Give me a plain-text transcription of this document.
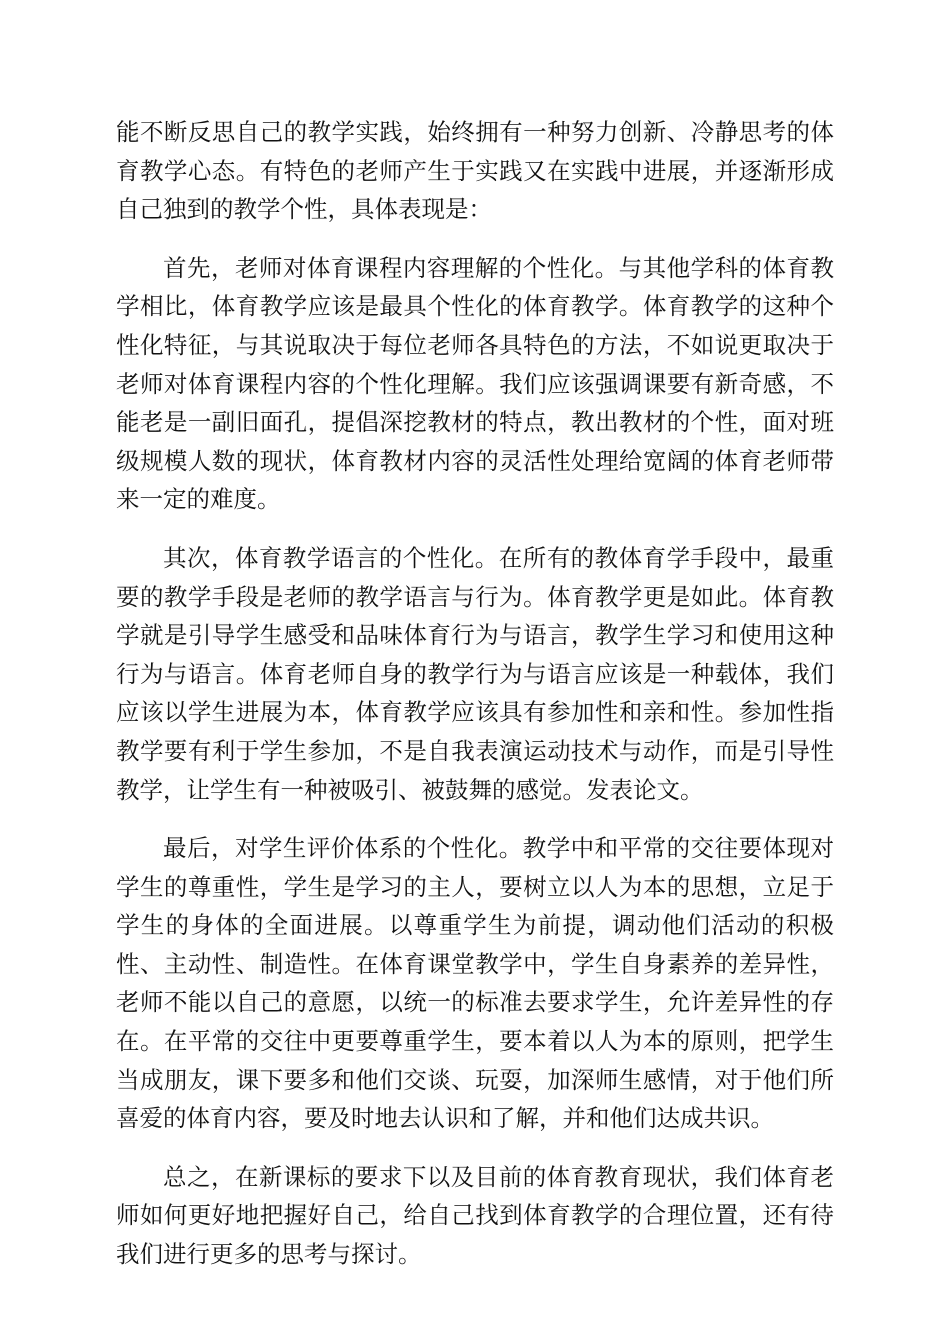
能不断反思自己的教学实践，始终拥有一种努力创新、冷静思考的体育教学心态。有特色的老师产生于实践又在实践中进展，并逐渐形成自己独到的教学个性，具体表现是：

首先，老师对体育课程内容理解的个性化。与其他学科的体育教学相比，体育教学应该是最具个性化的体育教学。体育教学的这种个性化特征，与其说取决于每位老师各具特色的方法，不如说更取决于老师对体育课程内容的个性化理解。我们应该强调课要有新奇感，不能老是一副旧面孔，提倡深挖教材的特点，教出教材的个性，面对班级规模人数的现状，体育教材内容的灵活性处理给宽阔的体育老师带来一定的难度。

其次，体育教学语言的个性化。在所有的教体育学手段中，最重要的教学手段是老师的教学语言与行为。体育教学更是如此。体育教学就是引导学生感受和品味体育行为与语言，教学生学习和使用这种行为与语言。体育老师自身的教学行为与语言应该是一种载体，我们应该以学生进展为本，体育教学应该具有参加性和亲和性。参加性指教学要有利于学生参加，不是自我表演运动技术与动作，而是引导性教学，让学生有一种被吸引、被鼓舞的感觉。发表论文。

最后，对学生评价体系的个性化。教学中和平常的交往要体现对学生的尊重性，学生是学习的主人，要树立以人为本的思想，立足于学生的身体的全面进展。以尊重学生为前提，调动他们活动的积极性、主动性、制造性。在体育课堂教学中，学生自身素养的差异性，老师不能以自己的意愿，以统一的标准去要求学生，允许差异性的存在。在平常的交往中更要尊重学生，要本着以人为本的原则，把学生当成朋友，课下要多和他们交谈、玩耍，加深师生感情，对于他们所喜爱的体育内容，要及时地去认识和了解，并和他们达成共识。

总之，在新课标的要求下以及目前的体育教育现状，我们体育老师如何更好地把握好自己，给自己找到体育教学的合理位置，还有待我们进行更多的思考与探讨。
